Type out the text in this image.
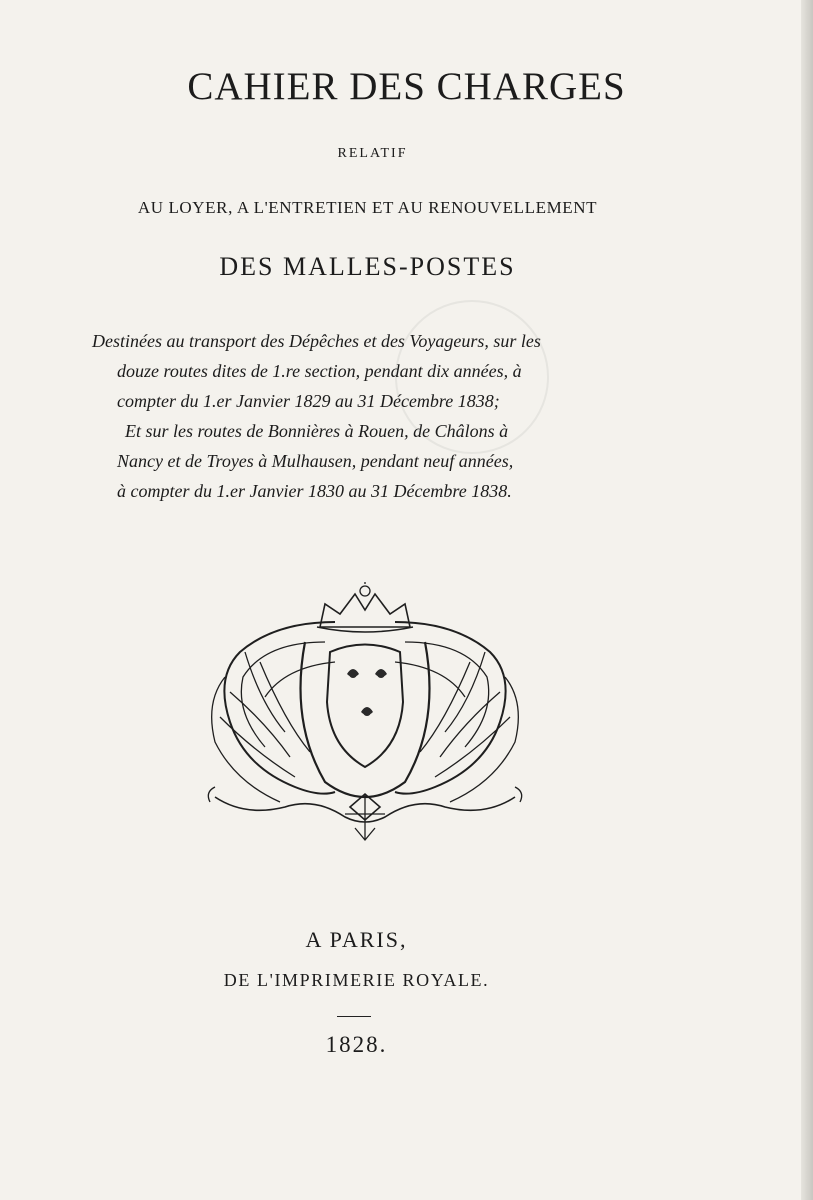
CAHIER DES CHARGES
RELATIF
AU LOYER, A L'ENTRETIEN ET AU RENOUVELLEMENT
DES MALLES-POSTES
Destinées au transport des Dépêches et des Voyageurs, sur les
douze routes dites de 1.re section, pendant dix années, à
compter du 1.er Janvier 1829 au 31 Décembre 1838;
Et sur les routes de Bonnières à Rouen, de Châlons à
Nancy et de Troyes à Mulhausen, pendant neuf années,
à compter du 1.er Janvier 1830 au 31 Décembre 1838.
A PARIS,
DE L'IMPRIMERIE ROYALE.
1828.
